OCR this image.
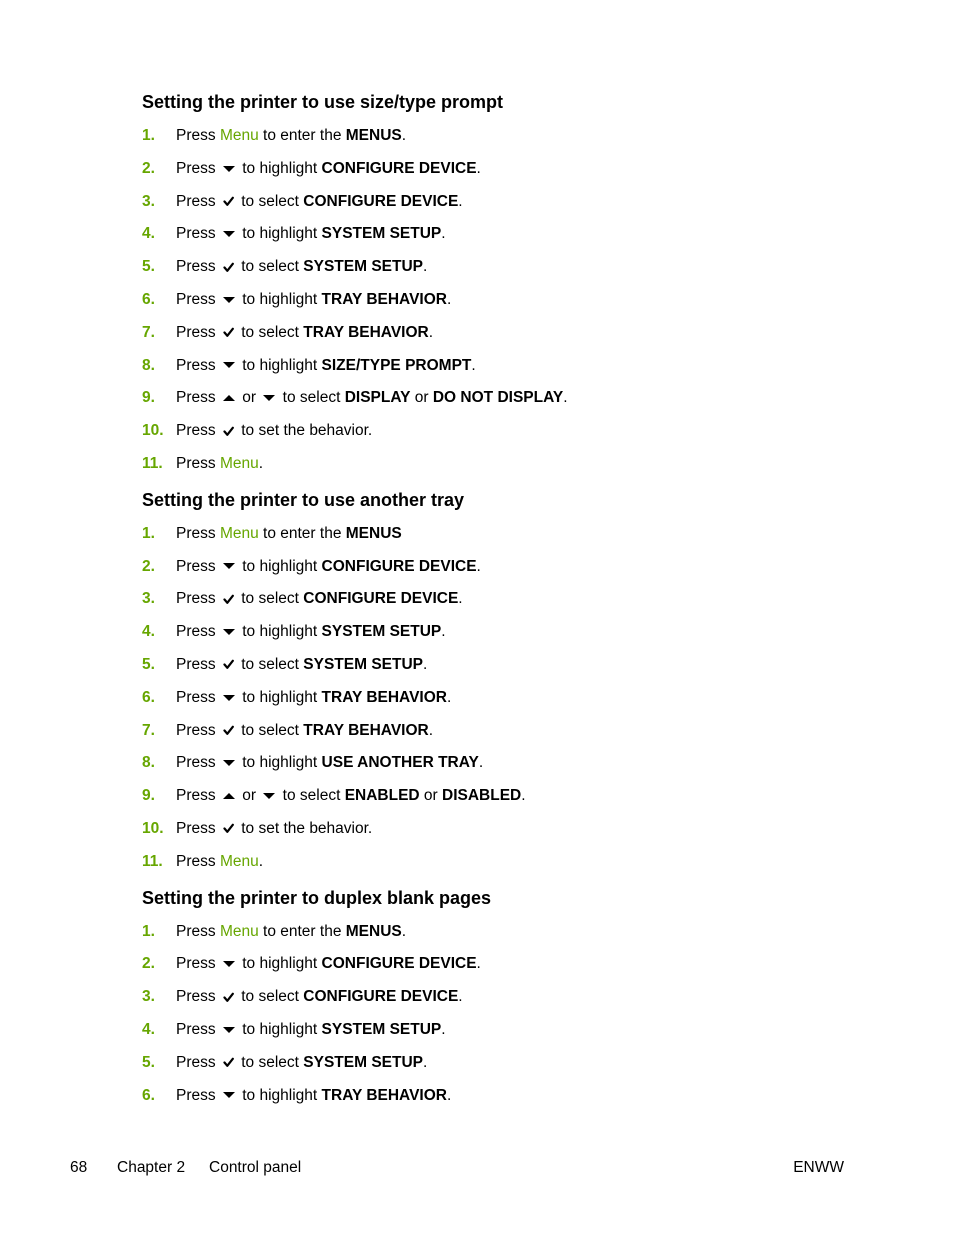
Setting the printer to use size/type prompt
1. Press Menu to enter the MENUS.
2. Press
to highlight CONFIGURE DEVICE.
3. Press
to select CONFIGURE DEVICE.
4. Press
to highlight SYSTEM SETUP.
5. Press
to select SYSTEM SETUP.
6. Press
to highlight TRAY BEHAVIOR.
7. Press
to select TRAY BEHAVIOR.
8. Press
to highlight SIZE/TYPE PROMPT.
9. Press
or
to select DISPLAY or DO NOT DISPLAY.
10. Press
to set the behavior.
11. Press Menu.
Setting the printer to use another tray
1. Press Menu to enter the MENUS
2. Press
to highlight CONFIGURE DEVICE.
3. Press
to select CONFIGURE DEVICE.
4. Press
to highlight SYSTEM SETUP.
5. Press
to select SYSTEM SETUP.
6. Press
to highlight TRAY BEHAVIOR.
7. Press
to select TRAY BEHAVIOR.
8. Press
to highlight USE ANOTHER TRAY.
9. Press
or
to select ENABLED or DISABLED.
10. Press
to set the behavior.
11. Press Menu.
Setting the printer to duplex blank pages
1. Press Menu to enter the MENUS.
2. Press
to highlight CONFIGURE DEVICE.
3. Press
to select CONFIGURE DEVICE.
4. Press
to highlight SYSTEM SETUP.
5. Press
to select SYSTEM SETUP.
6. Press
to highlight TRAY BEHAVIOR.
68 Chapter 2 Control panel	ENWW
